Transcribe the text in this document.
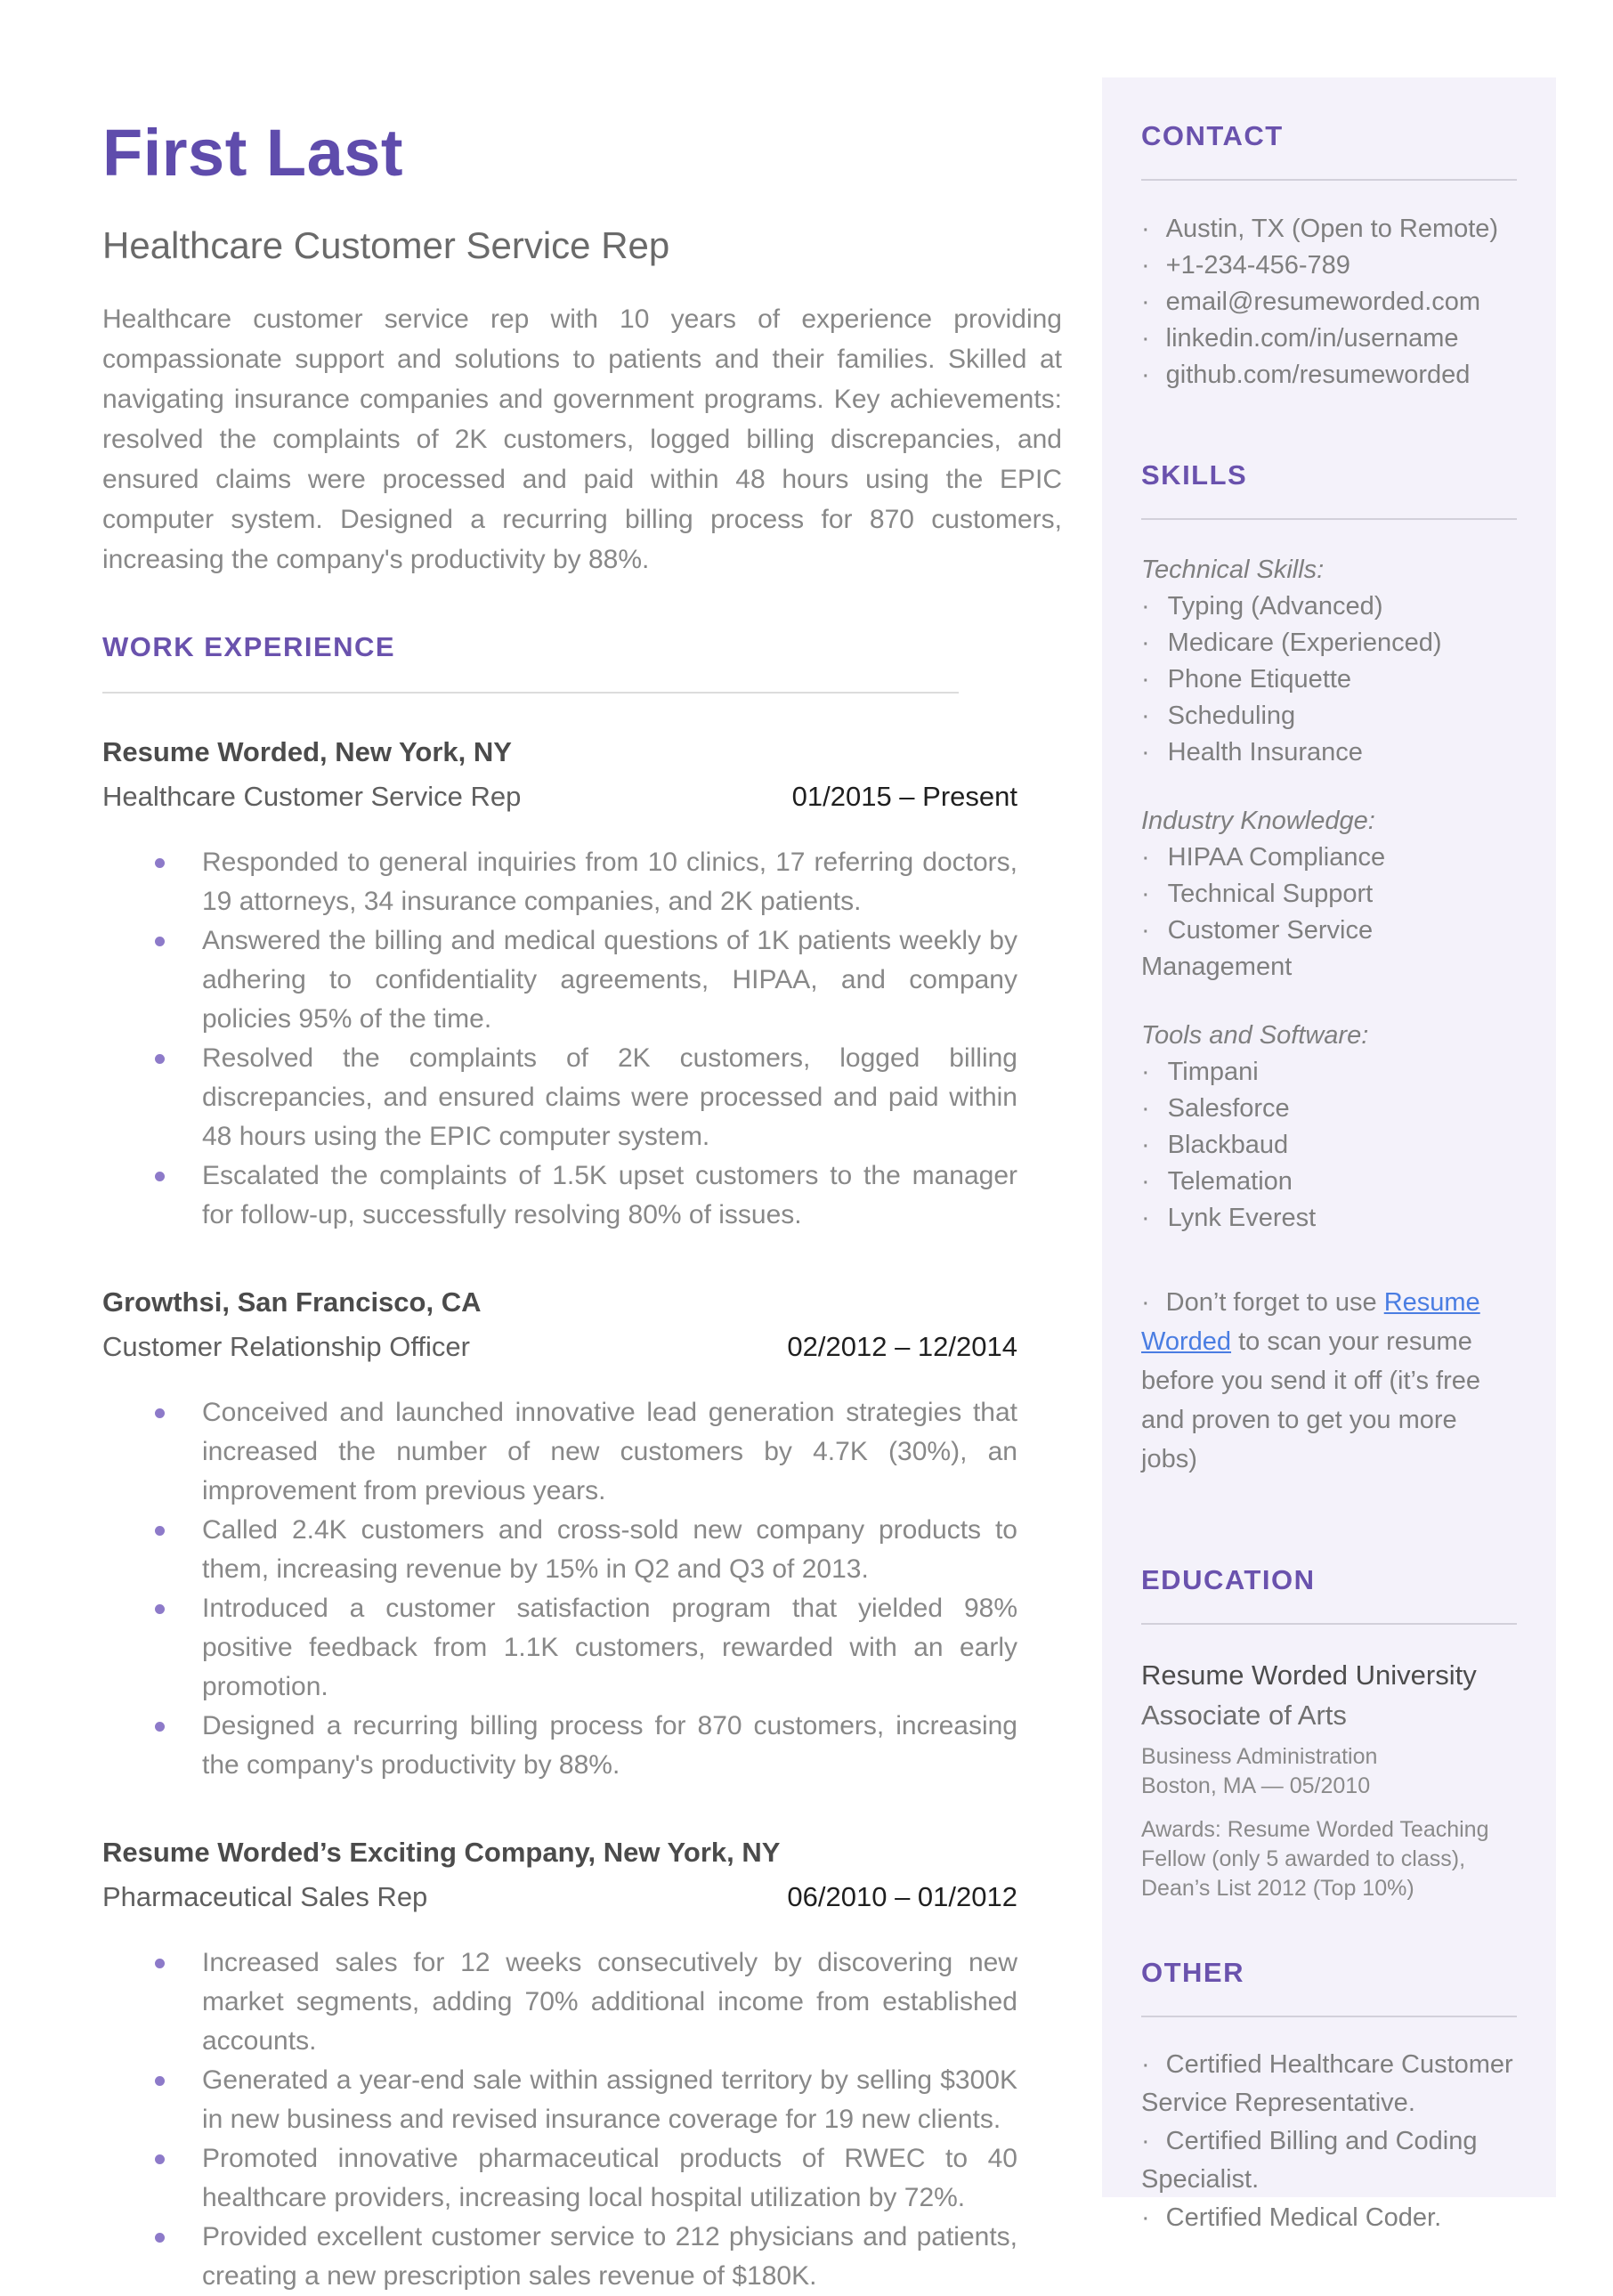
First Last
Healthcare Customer Service Rep

Healthcare customer service rep with 10 years of experience providing compassionate support and solutions to patients and their families. Skilled at navigating insurance companies and government programs. Key achievements: resolved the complaints of 2K customers, logged billing discrepancies, and ensured claims were processed and paid within 48 hours using the EPIC computer system. Designed a recurring billing process for 870 customers, increasing the company's productivity by 88%.

WORK EXPERIENCE
Resume Worded, New York, NY
Healthcare Customer Service Rep	01/2015 – Present
Responded to general inquiries from 10 clinics, 17 referring doctors, 19 attorneys, 34 insurance companies, and 2K patients.
Answered the billing and medical questions of 1K patients weekly by adhering to confidentiality agreements, HIPAA, and company policies 95% of the time.
Resolved the complaints of 2K customers, logged billing discrepancies, and ensured claims were processed and paid within 48 hours using the EPIC computer system.
Escalated the complaints of 1.5K upset customers to the manager for follow-up, successfully resolving 80% of issues.
Growthsi, San Francisco, CA
Customer Relationship Officer	02/2012 – 12/2014
Conceived and launched innovative lead generation strategies that increased the number of new customers by 4.7K (30%), an improvement from previous years.
Called 2.4K customers and cross-sold new company products to them, increasing revenue by 15% in Q2 and Q3 of 2013.
Introduced a customer satisfaction program that yielded 98% positive feedback from 1.1K customers, rewarded with an early promotion.
Designed a recurring billing process for 870 customers, increasing the company's productivity by 88%.
Resume Worded’s Exciting Company, New York, NY
Pharmaceutical Sales Rep	06/2010 – 01/2012
Increased sales for 12 weeks consecutively by discovering new market segments, adding 70% additional income from established accounts.
Generated a year-end sale within assigned territory by selling $300K in new business and revised insurance coverage for 19 new clients.
Promoted innovative pharmaceutical products of RWEC to 40 healthcare providers, increasing local hospital utilization by 72%.
Provided excellent customer service to 212 physicians and patients, creating a new prescription sales revenue of $180K.
CONTACT
· Austin, TX (Open to Remote)
· +1-234-456-789
· email@resumeworded.com
· linkedin.com/in/username
· github.com/resumeworded
SKILLS
Technical Skills:
· Typing (Advanced)
· Medicare (Experienced)
· Phone Etiquette
· Scheduling
· Health Insurance
Industry Knowledge:
· HIPAA Compliance
· Technical Support
· Customer Service Management
Tools and Software:
· Timpani
· Salesforce
· Blackbaud
· Telemation
· Lynk Everest
· Don’t forget to use Resume Worded to scan your resume before you send it off (it’s free and proven to get you more jobs)
EDUCATION
Resume Worded University
Associate of Arts
Business Administration
Boston, MA — 05/2010
Awards: Resume Worded Teaching Fellow (only 5 awarded to class), Dean’s List 2012 (Top 10%)
OTHER
· Certified Healthcare Customer Service Representative.
· Certified Billing and Coding Specialist.
· Certified Medical Coder.
